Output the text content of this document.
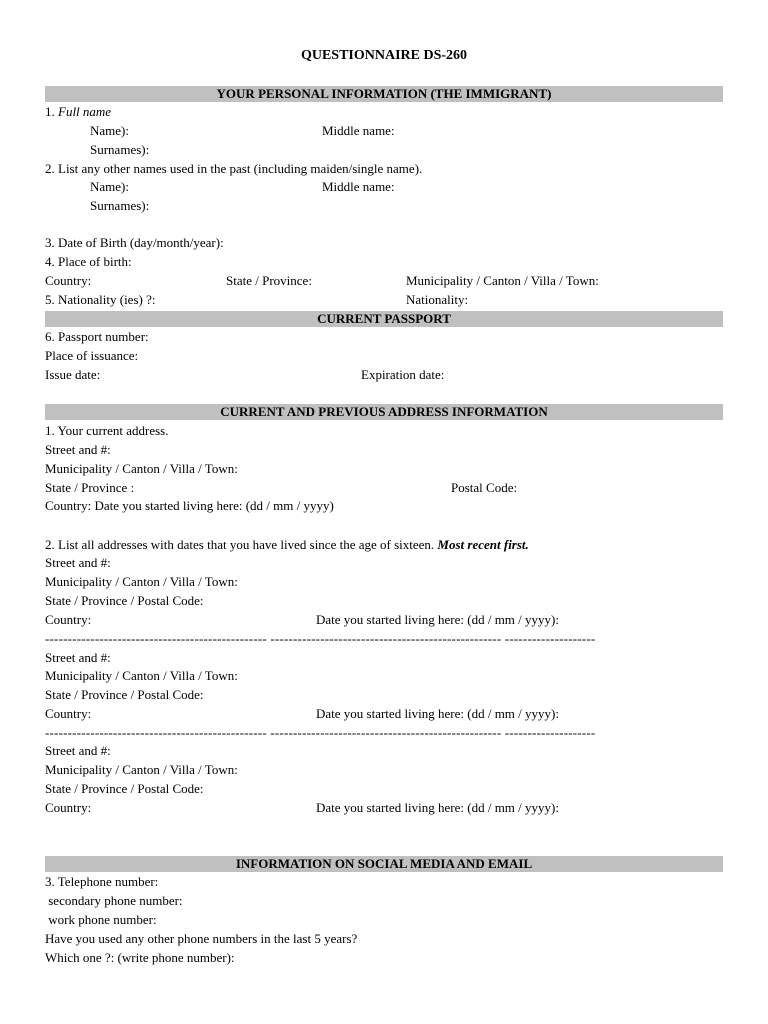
QUESTIONNAIRE DS-260
YOUR PERSONAL INFORMATION (THE IMMIGRANT)
1. Full name
Name):	Middle name:
Surnames):
2. List any other names used in the past (including maiden/single name).
Name):	Middle name:
Surnames):
3. Date of Birth (day/month/year):
4. Place of birth:
Country:	State / Province:	Municipality / Canton / Villa / Town:
5. Nationality (ies) ?:	Nationality:
CURRENT PASSPORT
6. Passport number:
Place of issuance:
Issue date:	Expiration date:
CURRENT AND PREVIOUS ADDRESS INFORMATION
1. Your current address.
Street and #:
Municipality / Canton / Villa / Town:
State / Province :	Postal Code:
Country: Date you started living here: (dd / mm / yyyy)
2. List all addresses with dates that you have lived since the age of sixteen. Most recent first.
Street and #:
Municipality / Canton / Villa / Town:
State / Province / Postal Code:
Country:	Date you started living here: (dd / mm / yyyy):
------------------------------------------------- --------------------------------------------------- --------------------
Street and #:
Municipality / Canton / Villa / Town:
State / Province / Postal Code:
Country:	Date you started living here: (dd / mm / yyyy):
------------------------------------------------- --------------------------------------------------- --------------------
Street and #:
Municipality / Canton / Villa / Town:
State / Province / Postal Code:
Country:	Date you started living here: (dd / mm / yyyy):
INFORMATION ON SOCIAL MEDIA AND EMAIL
3. Telephone number:
secondary phone number:
work phone number:
Have you used any other phone numbers in the last 5 years?
Which one ?: (write phone number):
